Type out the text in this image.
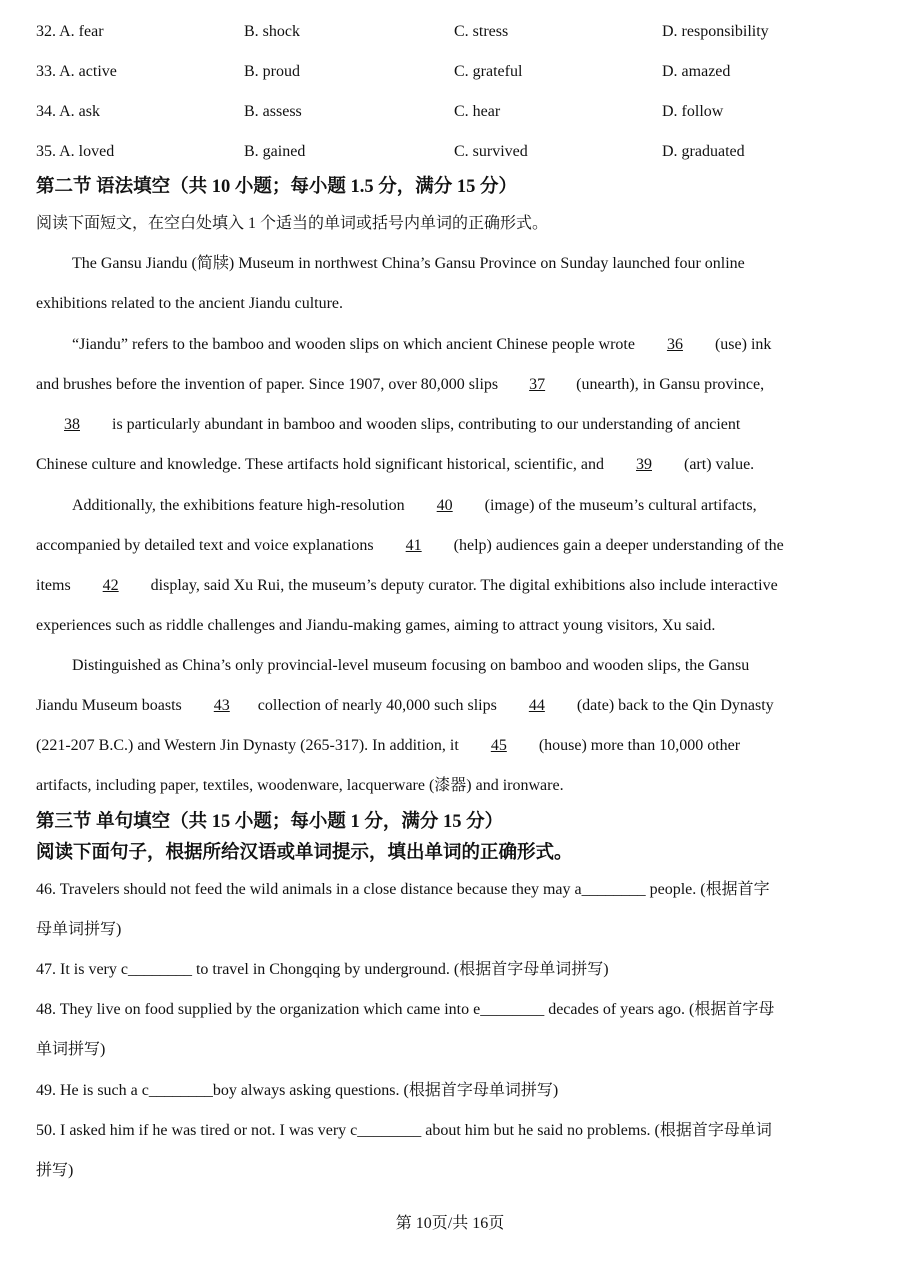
32. A. fear	B. shock	C. stress	D. responsibility
33. A. active	B. proud	C. grateful	D. amazed
34. A. ask	B. assess	C. hear	D. follow
35. A. loved	B. gained	C. survived	D. graduated
第二节 语法填空（共 10 小题；每小题 1.5 分，满分 15 分）
阅读下面短文，在空白处填入 1 个适当的单词或括号内单词的正确形式。
The Gansu Jiandu (简牍) Museum in northwest China’s Gansu Province on Sunday launched four online
exhibitions related to the ancient Jiandu culture.
“Jiandu” refers to the bamboo and wooden slips on which ancient Chinese people wrote 36 (use) ink
and brushes before the invention of paper. Since 1907, over 80,000 slips 37 (unearth), in Gansu province,
38 is particularly abundant in bamboo and wooden slips, contributing to our understanding of ancient
Chinese culture and knowledge. These artifacts hold significant historical, scientific, and 39 (art) value.
Additionally, the exhibitions feature high-resolution 40 (image) of the museum’s cultural artifacts,
accompanied by detailed text and voice explanations 41 (help) audiences gain a deeper understanding of the
items 42 display, said Xu Rui, the museum’s deputy curator. The digital exhibitions also include interactive
experiences such as riddle challenges and Jiandu-making games, aiming to attract young visitors, Xu said.
Distinguished as China’s only provincial-level museum focusing on bamboo and wooden slips, the Gansu
Jiandu Museum boasts 43 collection of nearly 40,000 such slips 44 (date) back to the Qin Dynasty
(221-207 B.C.) and Western Jin Dynasty (265-317). In addition, it 45 (house) more than 10,000 other
artifacts, including paper, textiles, woodenware, lacquerware (漆器) and ironware.
第三节 单句填空（共 15 小题；每小题 1 分，满分 15 分）
阅读下面句子，根据所给汉语或单词提示，填出单词的正确形式。
46. Travelers should not feed the wild animals in a close distance because they may a________ people. (根据首字
母单词拼写)
47. It is very c________ to travel in Chongqing by underground. (根据首字母单词拼写)
48. They live on food supplied by the organization which came into e________ decades of years ago. (根据首字母
单词拼写)
49. He is such a c________boy always asking questions. (根据首字母单词拼写)
50. I asked him if he was tired or not. I was very c________ about him but he said no problems. (根据首字母单词
拼写)
第 10页/共 16页
